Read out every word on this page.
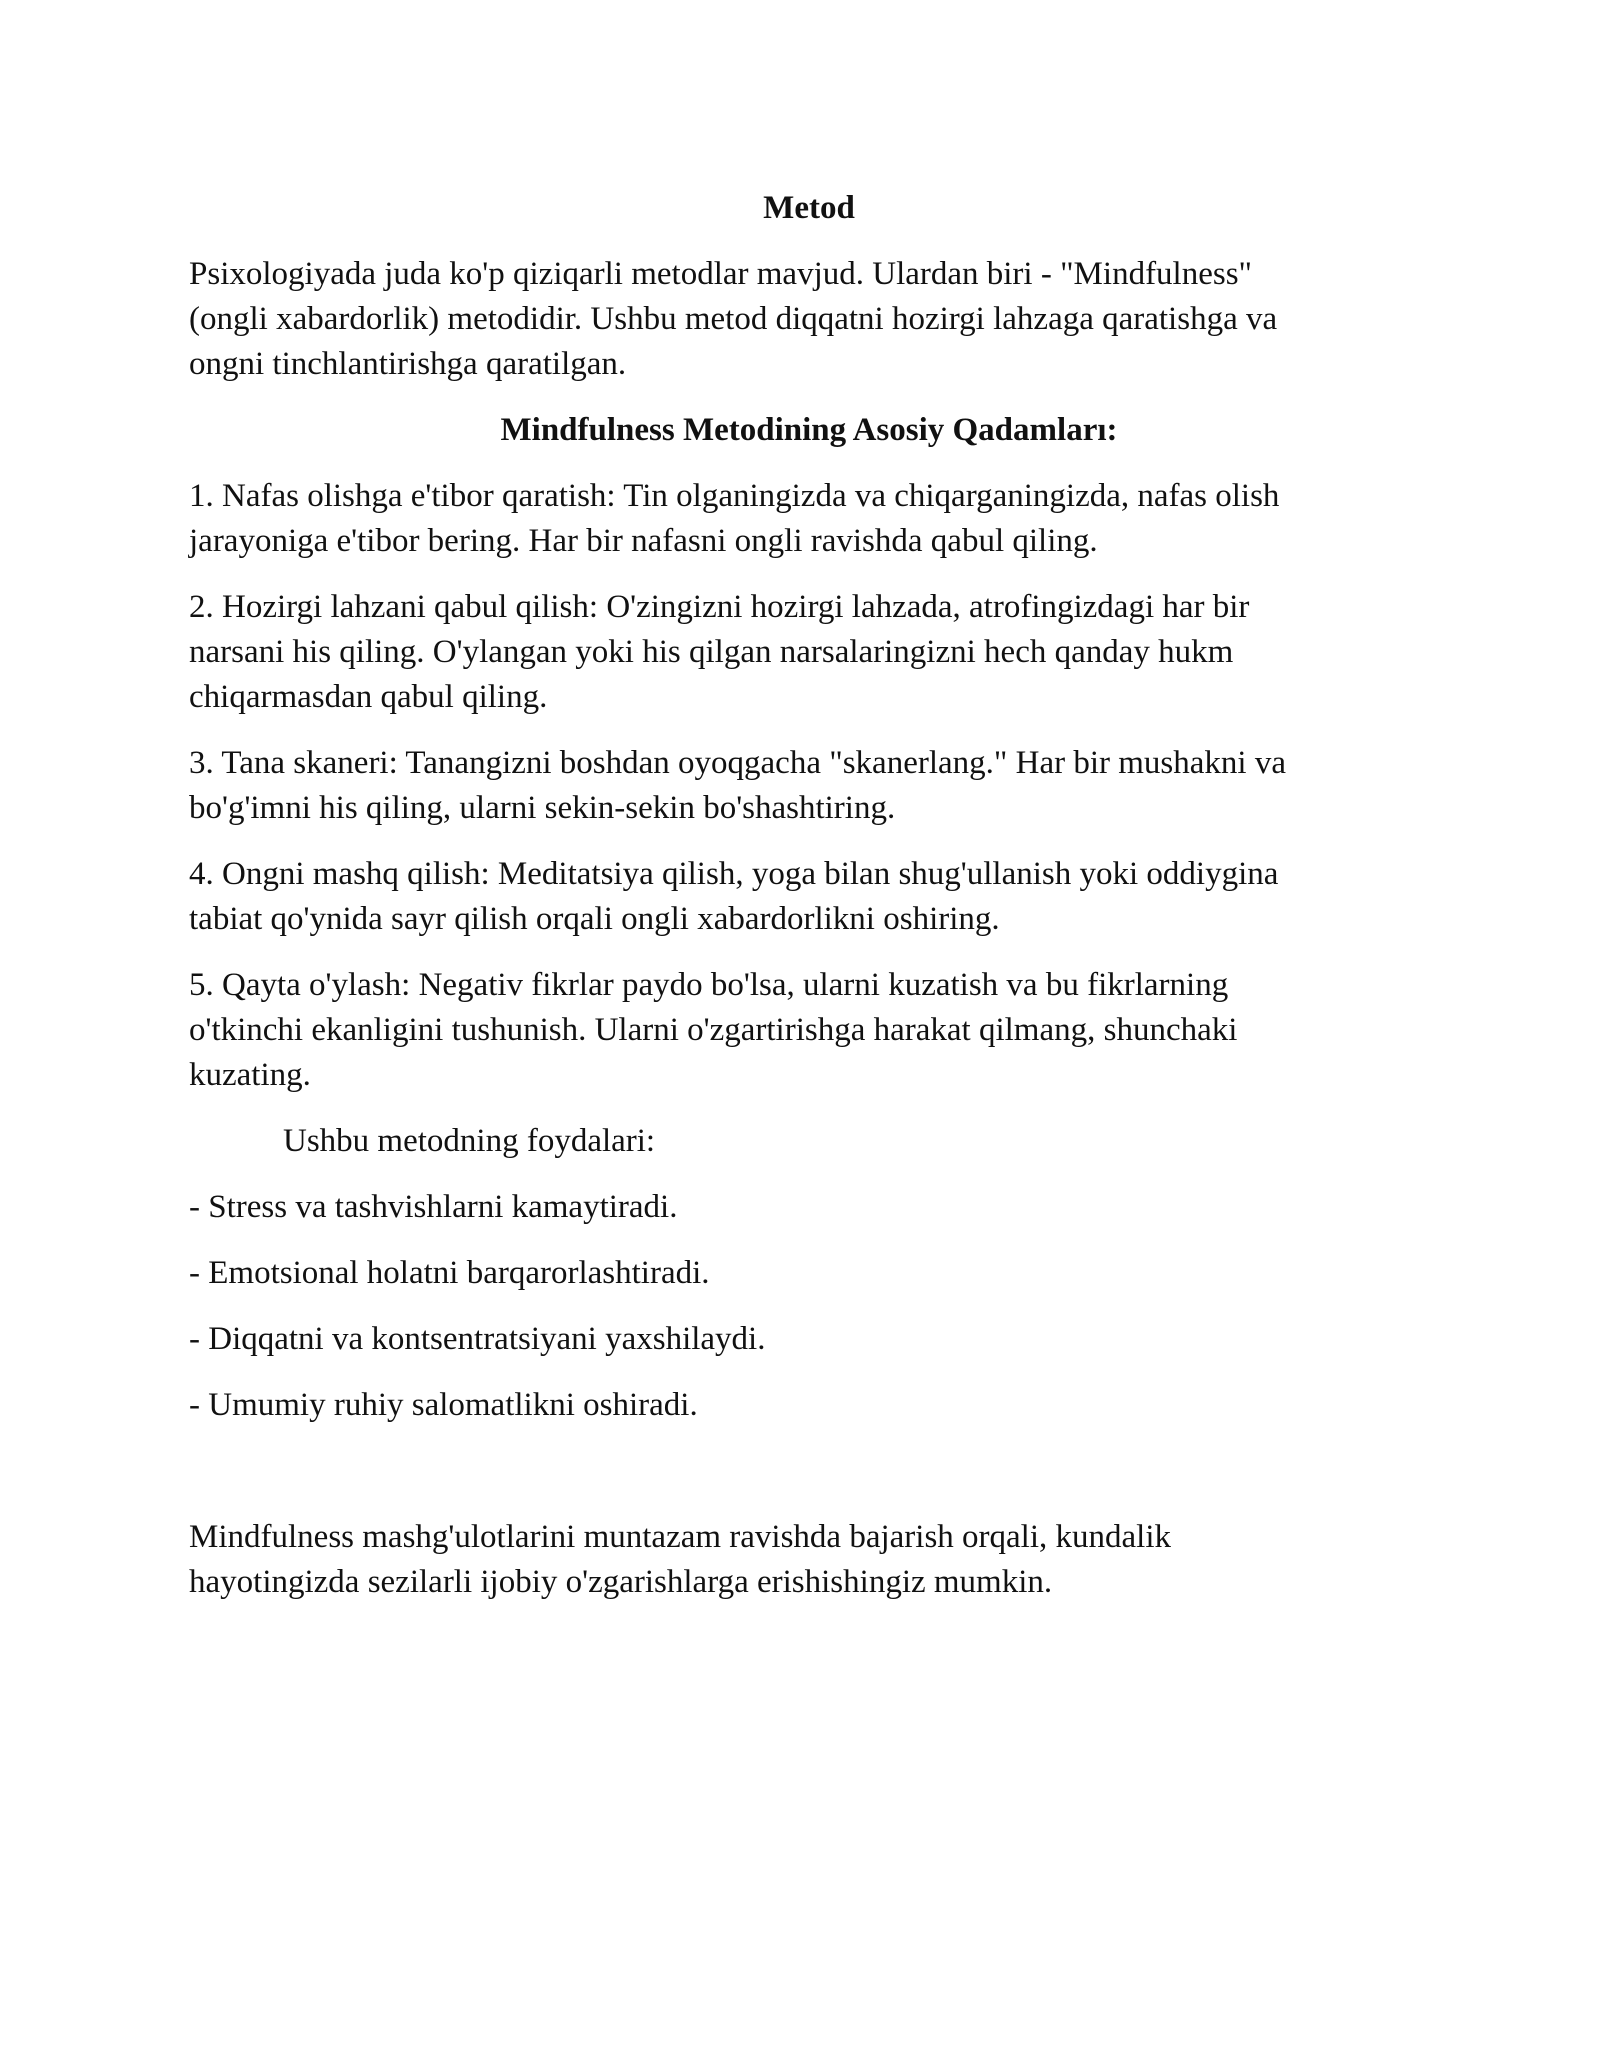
Metod

Psixologiyada juda ko'p qiziqarli metodlar mavjud. Ulardan biri - "Mindfulness"
(ongli xabardorlik) metodidir. Ushbu metod diqqatni hozirgi lahzaga qaratishga va
ongni tinchlantirishga qaratilgan.

Mindfulness Metodining Asosiy Qadamları:

1. Nafas olishga e'tibor qaratish: Tin olganingizda va chiqarganingizda, nafas olish
jarayoniga e'tibor bering. Har bir nafasni ongli ravishda qabul qiling.

2. Hozirgi lahzani qabul qilish: O'zingizni hozirgi lahzada, atrofingizdagi har bir
narsani his qiling. O'ylangan yoki his qilgan narsalaringizni hech qanday hukm
chiqarmasdan qabul qiling.

3. Tana skaneri: Tanangizni boshdan oyoqgacha "skanerlang." Har bir mushakni va
bo'g'imni his qiling, ularni sekin-sekin bo'shashtiring.

4. Ongni mashq qilish: Meditatsiya qilish, yoga bilan shug'ullanish yoki oddiygina
tabiat qo'ynida sayr qilish orqali ongli xabardorlikni oshiring.

5. Qayta o'ylash: Negativ fikrlar paydo bo'lsa, ularni kuzatish va bu fikrlarning
o'tkinchi ekanligini tushunish. Ularni o'zgartirishga harakat qilmang, shunchaki
kuzating.

Ushbu metodning foydalari:

- Stress va tashvishlarni kamaytiradi.

- Emotsional holatni barqarorlashtiradi.

- Diqqatni va kontsentratsiyani yaxshilaydi.

- Umumiy ruhiy salomatlikni oshiradi.

Mindfulness mashg'ulotlarini muntazam ravishda bajarish orqali, kundalik
hayotingizda sezilarli ijobiy o'zgarishlarga erishishingiz mumkin.
